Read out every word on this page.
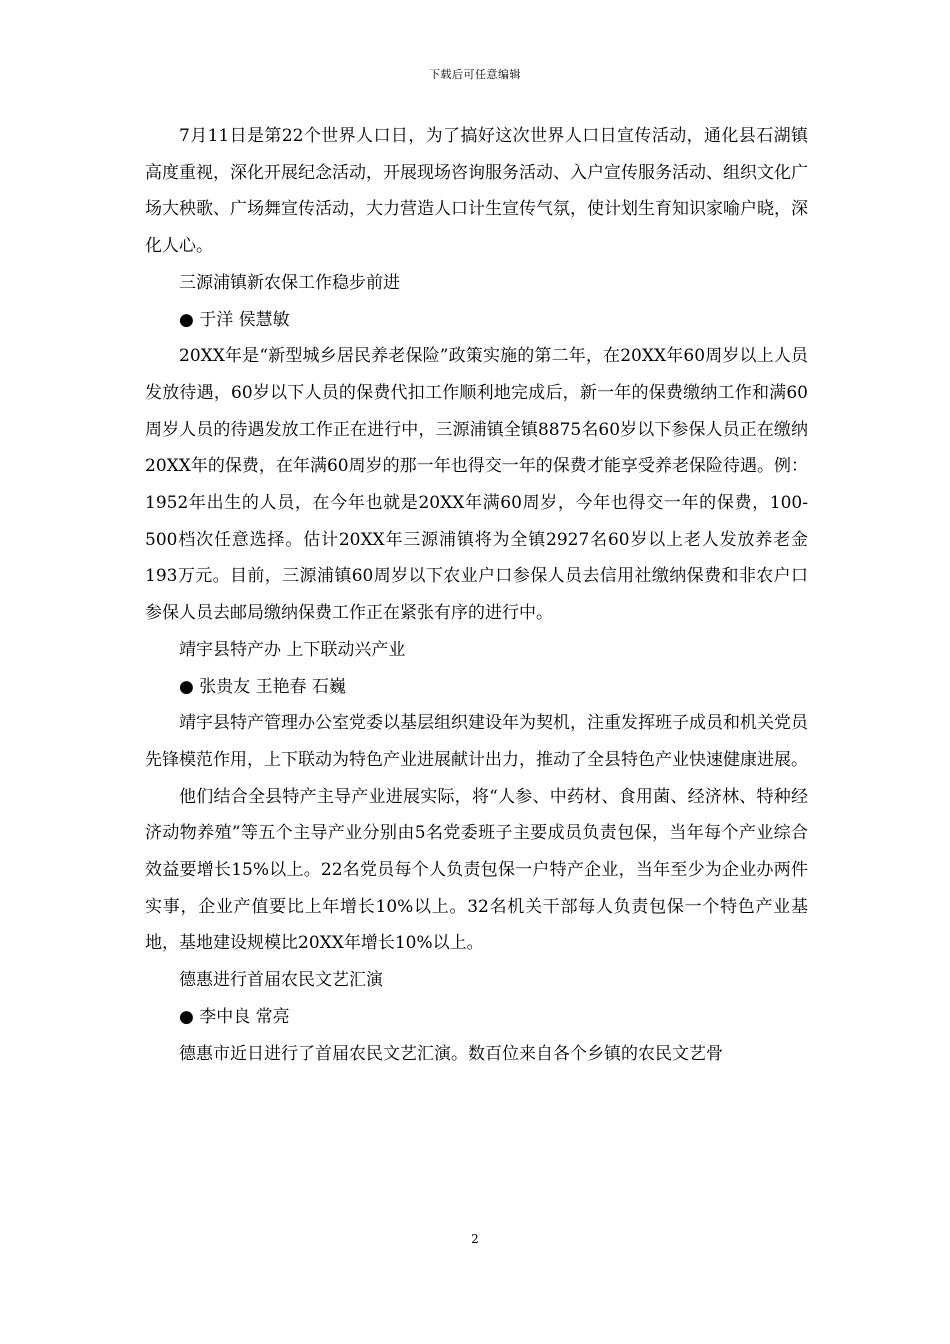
下载后可任意编辑

7月11日是第22个世界人口日，为了搞好这次世界人口日宣传活动，通化县石湖镇高度重视，深化开展纪念活动，开展现场咨询服务活动、入户宣传服务活动、组织文化广场大秧歌、广场舞宣传活动，大力营造人口计生宣传气氛，使计划生育知识家喻户晓，深化人心。

三源浦镇新农保工作稳步前进

● 于洋 侯慧敏

20XX年是“新型城乡居民养老保险”政策实施的第二年，在20XX年60周岁以上人员发放待遇，60岁以下人员的保费代扣工作顺利地完成后，新一年的保费缴纳工作和满60周岁人员的待遇发放工作正在进行中，三源浦镇全镇8875名60岁以下参保人员正在缴纳20XX年的保费，在年满60周岁的那一年也得交一年的保费才能享受养老保险待遇。例：1952年出生的人员，在今年也就是20XX年满60周岁，今年也得交一年的保费，100-500档次任意选择。估计20XX年三源浦镇将为全镇2927名60岁以上老人发放养老金193万元。目前，三源浦镇60周岁以下农业户口参保人员去信用社缴纳保费和非农户口参保人员去邮局缴纳保费工作正在紧张有序的进行中。

靖宇县特产办 上下联动兴产业

● 张贵友 王艳春 石巍

靖宇县特产管理办公室党委以基层组织建设年为契机，注重发挥班子成员和机关党员先锋模范作用，上下联动为特色产业进展献计出力，推动了全县特色产业快速健康进展。

他们结合全县特产主导产业进展实际，将“人参、中药材、食用菌、经济林、特种经济动物养殖”等五个主导产业分别由5名党委班子主要成员负责包保，当年每个产业综合效益要增长15%以上。22名党员每个人负责包保一户特产企业，当年至少为企业办两件实事，企业产值要比上年增长10%以上。32名机关干部每人负责包保一个特色产业基地，基地建设规模比20XX年增长10%以上。

德惠进行首届农民文艺汇演

● 李中良 常亮

德惠市近日进行了首届农民文艺汇演。数百位来自各个乡镇的农民文艺骨

2
